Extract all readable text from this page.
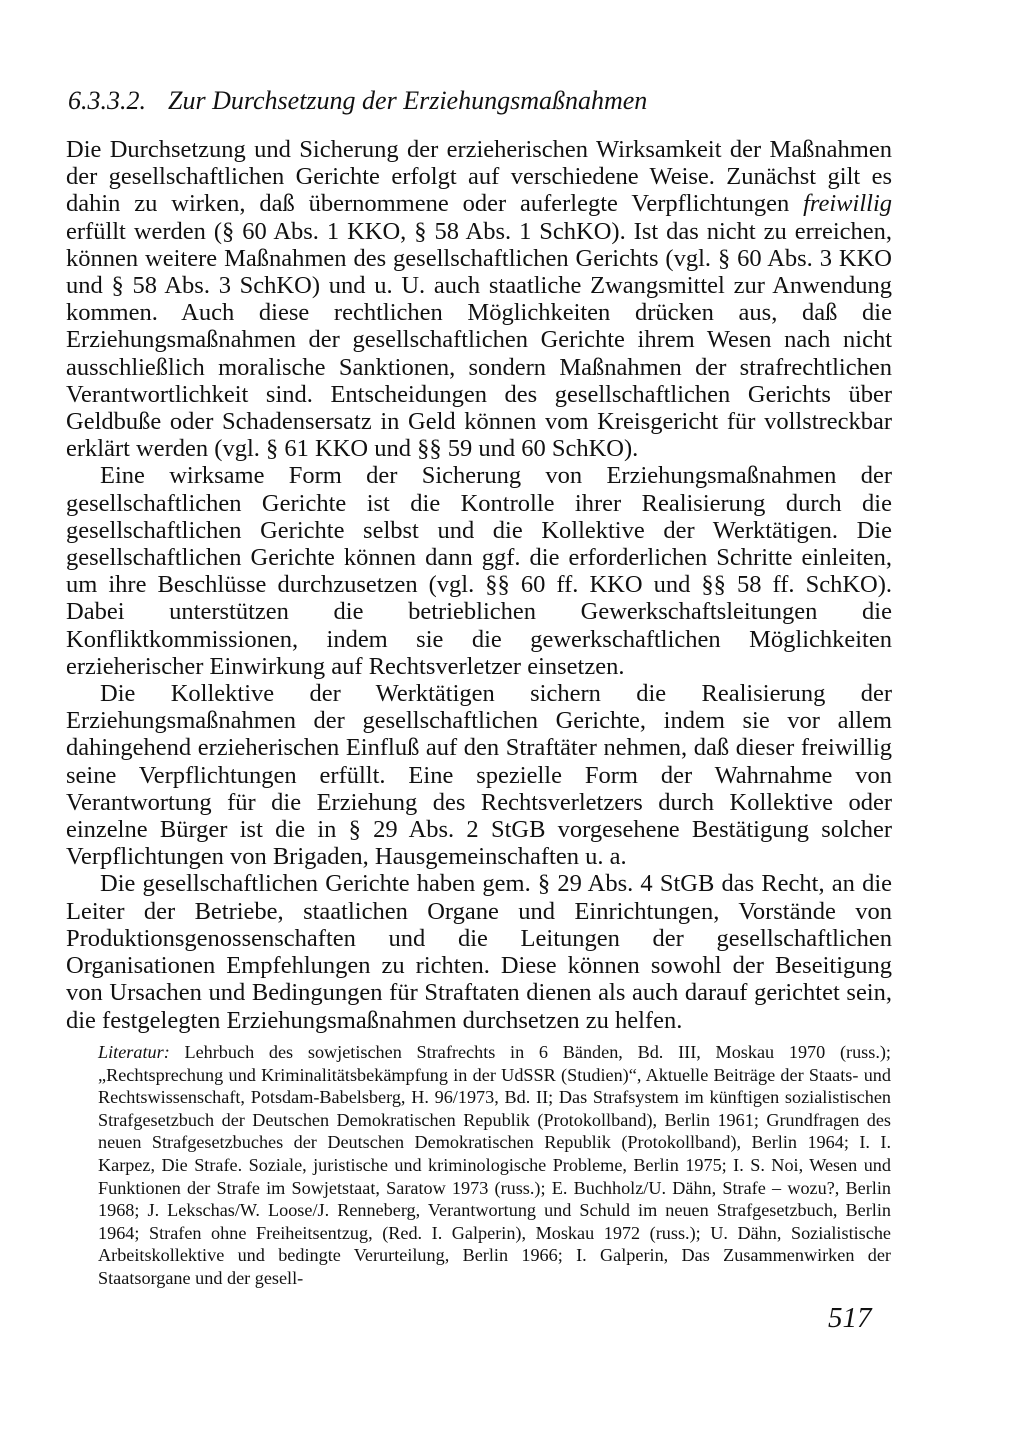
6.3.3.2. Zur Durchsetzung der Erziehungsmaßnahmen

Die Durchsetzung und Sicherung der erzieherischen Wirksamkeit der Maßnahmen der gesellschaftlichen Gerichte erfolgt auf verschiedene Weise. Zunächst gilt es dahin zu wirken, daß übernommene oder auferlegte Verpflichtungen freiwillig erfüllt werden (§ 60 Abs. 1 KKO, § 58 Abs. 1 SchKO). Ist das nicht zu erreichen, können weitere Maßnahmen des gesellschaftlichen Gerichts (vgl. § 60 Abs. 3 KKO und § 58 Abs. 3 SchKO) und u. U. auch staatliche Zwangsmittel zur Anwendung kommen. Auch diese rechtlichen Möglichkeiten drücken aus, daß die Erziehungsmaßnahmen der gesellschaftlichen Gerichte ihrem Wesen nach nicht ausschließlich moralische Sanktionen, sondern Maßnahmen der strafrechtlichen Verantwortlichkeit sind. Entscheidungen des gesellschaftlichen Gerichts über Geldbuße oder Schadensersatz in Geld können vom Kreisgericht für vollstreckbar erklärt werden (vgl. § 61 KKO und §§ 59 und 60 SchKO).

Eine wirksame Form der Sicherung von Erziehungsmaßnahmen der gesellschaftlichen Gerichte ist die Kontrolle ihrer Realisierung durch die gesellschaftlichen Gerichte selbst und die Kollektive der Werktätigen. Die gesellschaftlichen Gerichte können dann ggf. die erforderlichen Schritte einleiten, um ihre Beschlüsse durchzusetzen (vgl. §§ 60 ff. KKO und §§ 58 ff. SchKO). Dabei unterstützen die betrieblichen Gewerkschaftsleitungen die Konfliktkommissionen, indem sie die gewerkschaftlichen Möglichkeiten erzieherischer Einwirkung auf Rechtsverletzer einsetzen.

Die Kollektive der Werktätigen sichern die Realisierung der Erziehungsmaßnahmen der gesellschaftlichen Gerichte, indem sie vor allem dahingehend erzieherischen Einfluß auf den Straftäter nehmen, daß dieser freiwillig seine Verpflichtungen erfüllt. Eine spezielle Form der Wahrnahme von Verantwortung für die Erziehung des Rechtsverletzers durch Kollektive oder einzelne Bürger ist die in § 29 Abs. 2 StGB vorgesehene Bestätigung solcher Verpflichtungen von Brigaden, Hausgemeinschaften u. a.

Die gesellschaftlichen Gerichte haben gem. § 29 Abs. 4 StGB das Recht, an die Leiter der Betriebe, staatlichen Organe und Einrichtungen, Vorstände von Produktionsgenossenschaften und die Leitungen der gesellschaftlichen Organisationen Empfehlungen zu richten. Diese können sowohl der Beseitigung von Ursachen und Bedingungen für Straftaten dienen als auch darauf gerichtet sein, die festgelegten Erziehungsmaßnahmen durchsetzen zu helfen.

Literatur: Lehrbuch des sowjetischen Strafrechts in 6 Bänden, Bd. III, Moskau 1970 (russ.); „Rechtsprechung und Kriminalitätsbekämpfung in der UdSSR (Studien)“, Aktuelle Beiträge der Staats- und Rechtswissenschaft, Potsdam-Babelsberg, H. 96/1973, Bd. II; Das Strafsystem im künftigen sozialistischen Strafgesetzbuch der Deutschen Demokratischen Republik (Protokollband), Berlin 1961; Grundfragen des neuen Strafgesetzbuches der Deutschen Demokratischen Republik (Protokollband), Berlin 1964; I. I. Karpez, Die Strafe. Soziale, juristische und kriminologische Probleme, Berlin 1975; I. S. Noi, Wesen und Funktionen der Strafe im Sowjetstaat, Saratow 1973 (russ.); E. Buchholz/U. Dähn, Strafe – wozu?, Berlin 1968; J. Lekschas/W. Loose/J. Renneberg, Verantwortung und Schuld im neuen Strafgesetzbuch, Berlin 1964; Strafen ohne Freiheitsentzug, (Red. I. Galperin), Moskau 1972 (russ.); U. Dähn, Sozialistische Arbeitskollektive und bedingte Verurteilung, Berlin 1966; I. Galperin, Das Zusammenwirken der Staatsorgane und der gesell-
517
